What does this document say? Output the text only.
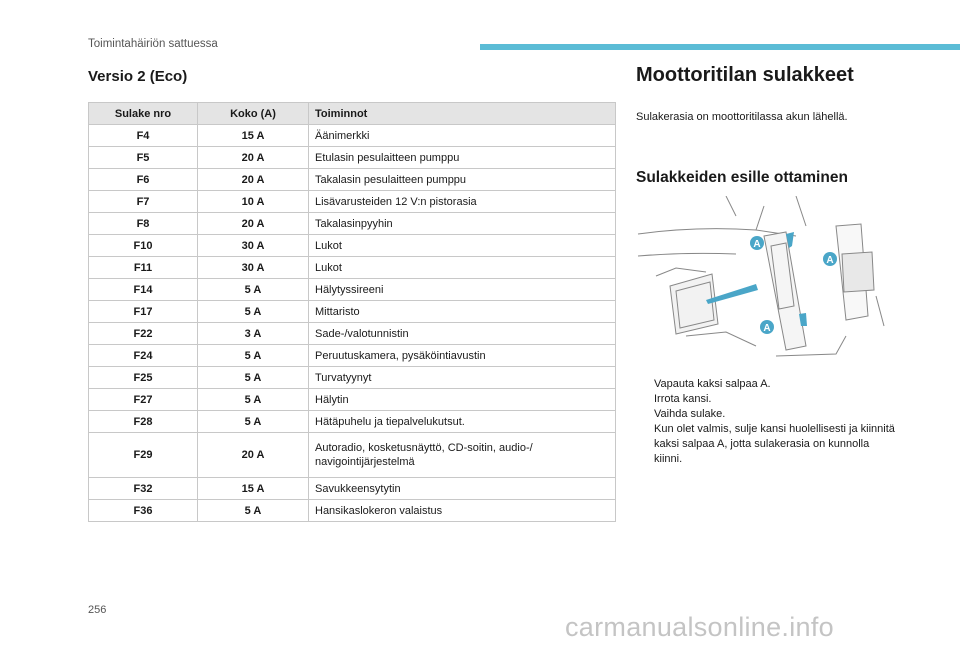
Toimintahäiriön sattuessa
Versio 2 (Eco)
Sulake nro	Koko (A)	Toiminnot
F4	15 A	Äänimerkki
F5	20 A	Etulasin pesulaitteen pumppu
F6	20 A	Takalasin pesulaitteen pumppu
F7	10 A	Lisävarusteiden 12 V:n pistorasia
F8	20 A	Takalasinpyyhin
F10	30 A	Lukot
F11	30 A	Lukot
F14	5 A	Hälytyssireeni
F17	5 A	Mittaristo
F22	3 A	Sade-/valotunnistin
F24	5 A	Peruutuskamera, pysäköintiavustin
F25	5 A	Turvatyynyt
F27	5 A	Hälytin
F28	5 A	Hätäpuhelu ja tiepalvelukutsut.
F29	20 A	Autoradio, kosketusnäyttö, CD-soitin, audio-/
navigointijärjestelmä
F32	15 A	Savukkeensytytin
F36	5 A	Hansikaslokeron valaistus
Moottoritilan sulakkeet
Sulakerasia on moottoritilassa akun lähellä.
Sulakkeiden esille ottaminen
A
A
A
Vapauta kaksi salpaa A.
Irrota kansi.
Vaihda sulake.
Kun olet valmis, sulje kansi huolellisesti ja kiinnitä kaksi salpaa A, jotta sulakerasia on kunnolla kiinni.
256
carmanualsonline.info
